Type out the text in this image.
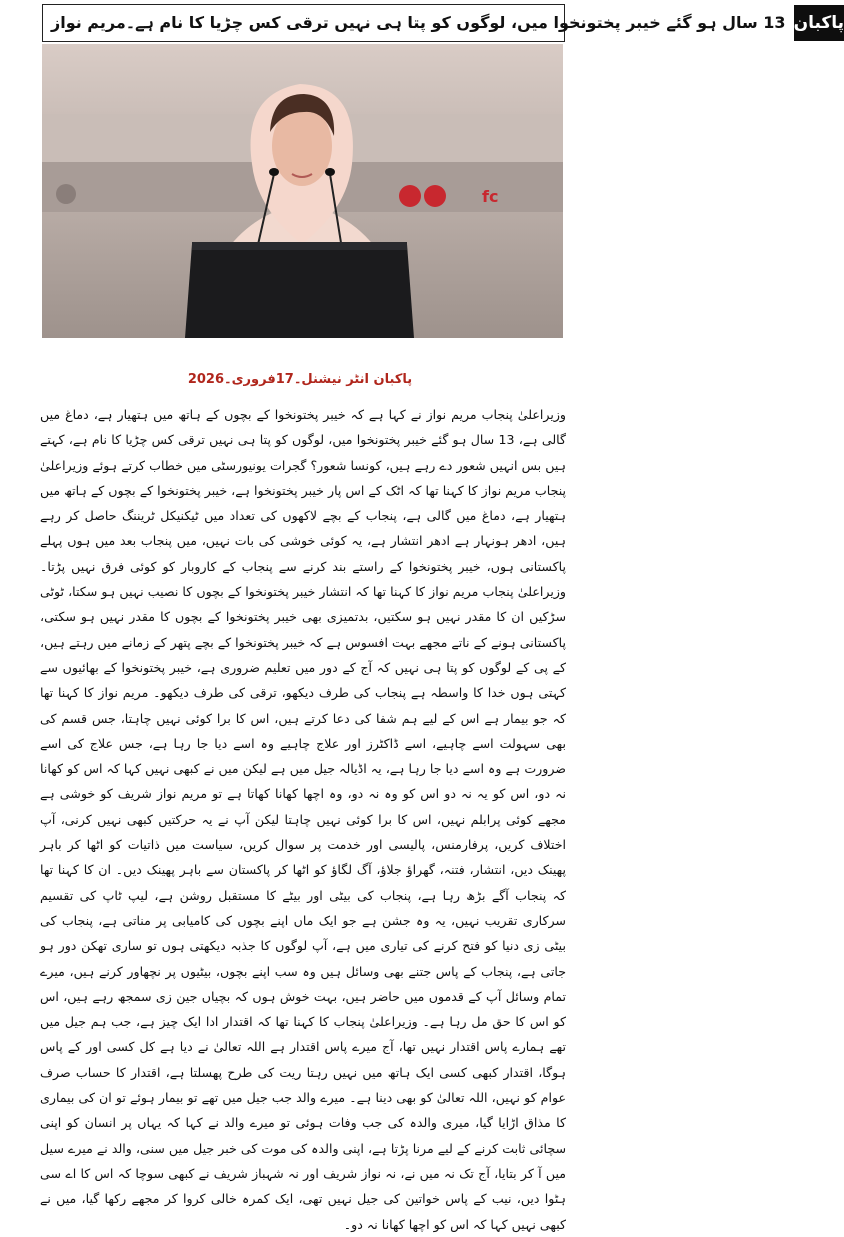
13 سال ہو گئے خیبر پختونخوا میں، لوگوں کو پتا ہی نہیں ترقی کس چڑیا کا نام ہے۔مریم نواز پاکبان
fc
پاکبان انٹر نیشنل۔17فروری۔2026

وزیراعلیٰ پنجاب مریم نواز نے کہا ہے کہ خیبر پختونخوا کے بچوں کے ہاتھ میں ہتھیار ہے، دماغ میں گالی ہے، 13 سال ہو گئے خیبر پختونخوا میں، لوگوں کو پتا ہی نہیں ترقی کس چڑیا کا نام ہے، کہتے ہیں بس انہیں شعور دے رہے ہیں، کونسا شعور؟ گجرات یونیورسٹی میں خطاب کرتے ہوئے وزیراعلیٰ پنجاب مریم نواز کا کہنا تھا کہ اٹک کے اس پار خیبر پختونخوا ہے، خیبر پختونخوا کے بچوں کے ہاتھ میں ہتھیار ہے، دماغ میں گالی ہے، پنجاب کے بچے لاکھوں کی تعداد میں ٹیکنیکل ٹریننگ حاصل کر رہے ہیں، ادھر ہونہار ہے ادھر انتشار ہے، یہ کوئی خوشی کی بات نہیں، میں پنجاب بعد میں ہوں پہلے پاکستانی ہوں، خیبر پختونخوا کے راستے بند کرنے سے پنجاب کے کاروبار کو کوئی فرق نہیں پڑتا۔ وزیراعلیٰ پنجاب مریم نواز کا کہنا تھا کہ انتشار خیبر پختونخوا کے بچوں کا نصیب نہیں ہو سکتا، ٹوٹی سڑکیں ان کا مقدر نہیں ہو سکتیں، بدتمیزی بھی خیبر پختونخوا کے بچوں کا مقدر نہیں ہو سکتی، پاکستانی ہونے کے ناتے مجھے بہت افسوس ہے کہ خیبر پختونخوا کے بچے پتھر کے زمانے میں رہتے ہیں، کے پی کے لوگوں کو پتا ہی نہیں کہ آج کے دور میں تعلیم ضروری ہے، خیبر پختونخوا کے بھائیوں سے کہتی ہوں خدا کا واسطہ ہے پنجاب کی طرف دیکھو، ترقی کی طرف دیکھو۔ مریم نواز کا کہنا تھا کہ جو بیمار ہے اس کے لیے ہم شفا کی دعا کرتے ہیں، اس کا برا کوئی نہیں چاہتا، جس قسم کی بھی سہولت اسے چاہیے، اسے ڈاکٹرز اور علاج چاہیے وہ اسے دیا جا رہا ہے، جس علاج کی اسے ضرورت ہے وہ اسے دیا جا رہا ہے، یہ اڈیالہ جیل میں ہے لیکن میں نے کبھی نہیں کہا کہ اس کو کھانا نہ دو، اس کو یہ نہ دو اس کو وہ نہ دو، وہ اچھا کھانا کھاتا ہے تو مریم نواز شریف کو خوشی ہے مجھے کوئی پرابلم نہیں، اس کا برا کوئی نہیں چاہتا لیکن آپ نے یہ حرکتیں کبھی نہیں کرنی، آپ اختلاف کریں، پرفارمنس، پالیسی اور خدمت پر سوال کریں، سیاست میں ذاتیات کو اٹھا کر باہر پھینک دیں، انتشار، فتنہ، گھراؤ جلاؤ، آگ لگاؤ کو اٹھا کر پاکستان سے باہر پھینک دیں۔ ان کا کہنا تھا کہ پنجاب آگے بڑھ رہا ہے، پنجاب کی بیٹی اور بیٹے کا مستقبل روشن ہے، لیپ ٹاپ کی تقسیم سرکاری تقریب نہیں، یہ وہ جشن ہے جو ایک ماں اپنے بچوں کی کامیابی پر مناتی ہے، پنجاب کی بیٹی زی دنیا کو فتح کرنے کی تیاری میں ہے، آپ لوگوں کا جذبہ دیکھتی ہوں تو ساری تھکن دور ہو جاتی ہے، پنجاب کے پاس جتنے بھی وسائل ہیں وہ سب اپنے بچوں، بیٹیوں پر نچھاور کرنے ہیں، میرے تمام وسائل آپ کے قدموں میں حاضر ہیں، بہت خوش ہوں کہ بچیاں جین زی سمجھ رہے ہیں، اس کو اس کا حق مل رہا ہے۔ وزیراعلیٰ پنجاب کا کہنا تھا کہ اقتدار ادا ایک چیز ہے، جب ہم جیل میں تھے ہمارے پاس اقتدار نہیں تھا، آج میرے پاس اقتدار ہے اللہ تعالیٰ نے دیا ہے کل کسی اور کے پاس ہوگا، اقتدار کبھی کسی ایک ہاتھ میں نہیں رہتا ریت کی طرح پھسلتا ہے، اقتدار کا حساب صرف عوام کو نہیں، اللہ تعالیٰ کو بھی دینا ہے۔ میرے والد جب جیل میں تھے تو بیمار ہوئے تو ان کی بیماری کا مذاق اڑایا گیا، میری والدہ کی جب وفات ہوئی تو میرے والد نے کہا کہ یہاں پر انسان کو اپنی سچائی ثابت کرنے کے لیے مرنا پڑتا ہے، اپنی والدہ کی موت کی خبر جیل میں سنی، والد نے میرے سیل میں آ کر بتایا، آج تک نہ میں نے، نہ نواز شریف اور نہ شہباز شریف نے کبھی سوچا کہ اس کا اے سی ہٹوا دیں، نیب کے پاس خواتین کی جیل نہیں تھی، ایک کمرہ خالی کروا کر مجھے رکھا گیا، میں نے کبھی نہیں کہا کہ اس کو اچھا کھانا نہ دو۔
